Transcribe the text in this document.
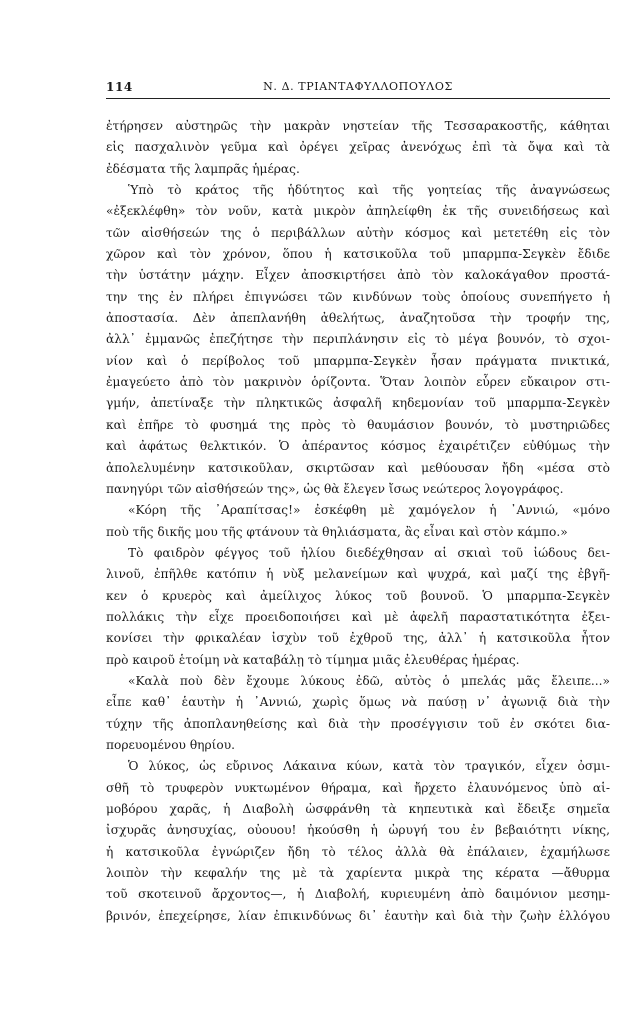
114	Ν. Δ. ΤΡΙΑΝΤΑΦΥΛΛΟΠΟΥΛΟΣ
ἐτήρησεν αὐστηρῶς τὴν μακρὰν νηστείαν τῆς Τεσσαρακοστῆς, κάθηται
εἰς πασχαλινὸν γεῦμα καὶ ὀρέγει χεῖρας ἀνενόχως ἐπὶ τὰ ὄψα καὶ τὰ
ἐδέσματα τῆς λαμπρᾶς ἡμέρας.
Ὑπὸ τὸ κράτος τῆς ἡδύτητος καὶ τῆς γοητείας τῆς ἀναγνώσεως
«ἐξεκλέφθη» τὸν νοῦν, κατὰ μικρὸν ἀπηλείφθη ἐκ τῆς συνειδήσεως καὶ
τῶν αἰσθήσεών της ὁ περιβάλλων αὐτὴν κόσμος καὶ μετετέθη εἰς τὸν
χῶρον καὶ τὸν χρόνον, ὅπου ἡ κατσικοῦλα τοῦ μπαρμπα-Σεγκὲν ἔδιδε
τὴν ὑστάτην μάχην. Εἶχεν ἀποσκιρτήσει ἀπὸ τὸν καλοκάγαθον προστά-
την της ἐν πλήρει ἐπιγνώσει τῶν κινδύνων τοὺς ὁποίους συνεπήγετο ἡ
ἀποστασία. Δὲν ἀπεπλανήθη ἀθελήτως, ἀναζητοῦσα τὴν τροφήν της,
ἀλλ᾽ ἐμμανῶς ἐπεζήτησε τὴν περιπλάνησιν εἰς τὸ μέγα βουνόν, τὸ σχοι-
νίον καὶ ὁ περίβολος τοῦ μπαρμπα-Σεγκὲν ἦσαν πράγματα πνικτικά,
ἐμαγεύετο ἀπὸ τὸν μακρινὸν ὁρίζοντα. Ὅταν λοιπὸν εὗρεν εὔκαιρον στι-
γμήν, ἀπετίναξε τὴν πληκτικῶς ἀσφαλῆ κηδεμονίαν τοῦ μπαρμπα-Σεγκὲν
καὶ ἐπῆρε τὸ φυσημά της πρὸς τὸ θαυμάσιον βουνόν, τὸ μυστηριῶδες
καὶ ἀφάτως θελκτικόν. Ὁ ἀπέραντος κόσμος ἐχαιρέτιζεν εὐθύμως τὴν
ἀπολελυμένην κατσικοῦλαν, σκιρτῶσαν καὶ μεθύουσαν ἤδη «μέσα στὸ
πανηγύρι τῶν αἰσθήσεών της», ὡς θὰ ἔλεγεν ἴσως νεώτερος λογογράφος.
«Κόρη τῆς ᾽Αραπίτσας!» ἐσκέφθη μὲ χαμόγελον ἡ ᾽Αννιώ, «μόνο
ποὺ τῆς δικῆς μου τῆς φτάνουν τὰ θηλιάσματα, ἂς εἶναι καὶ στὸν κάμπο.»
Τὸ φαιδρὸν φέγγος τοῦ ἡλίου διεδέχθησαν αἱ σκιαὶ τοῦ ἰώδους δει-
λινοῦ, ἐπῆλθε κατόπιν ἡ νὺξ μελανείμων καὶ ψυχρά, καὶ μαζί της ἐβγῆ-
κεν ὁ κρυερὸς καὶ ἀμείλιχος λύκος τοῦ βουνοῦ. Ὁ μπαρμπα-Σεγκὲν
πολλάκις τὴν εἶχε προειδοποιήσει καὶ μὲ ἀφελῆ παραστατικότητα ἐξει-
κονίσει τὴν φρικαλέαν ἰσχὺν τοῦ ἐχθροῦ της, ἀλλ᾽ ἡ κατσικοῦλα ἦτον
πρὸ καιροῦ ἑτοίμη νὰ καταβάλῃ τὸ τίμημα μιᾶς ἐλευθέρας ἡμέρας.
«Καλὰ ποὺ δὲν ἔχουμε λύκους ἐδῶ, αὐτὸς ὁ μπελάς μᾶς ἔλειπε...»
εἶπε καθ᾽ ἑαυτὴν ἡ ᾽Αννιώ, χωρὶς ὅμως νὰ παύσῃ ν᾽ ἀγωνιᾷ διὰ τὴν
τύχην τῆς ἀποπλανηθείσης καὶ διὰ τὴν προσέγγισιν τοῦ ἐν σκότει δια-
πορευομένου θηρίου.
Ὁ λύκος, ὡς εὔρινος Λάκαινα κύων, κατὰ τὸν τραγικόν, εἶχεν ὀσμι-
σθῆ τὸ τρυφερὸν νυκτωμένον θήραμα, καὶ ἤρχετο ἐλαυνόμενος ὑπὸ αἱ-
μοβόρου χαρᾶς, ἡ Διαβολὴ ὠσφράνθη τὰ κηπευτικὰ καὶ ἔδειξε σημεῖα
ἰσχυρᾶς ἀνησυχίας, οὐουου! ἠκούσθη ἡ ὠρυγή του ἐν βεβαιότητι νίκης,
ἡ κατσικοῦλα ἐγνώριζεν ἤδη τὸ τέλος ἀλλὰ θὰ ἐπάλαιεν, ἐχαμήλωσε
λοιπὸν τὴν κεφαλήν της μὲ τὰ χαρίεντα μικρὰ της κέρατα —ἄθυρμα
τοῦ σκοτεινοῦ ἄρχοντος—, ἡ Διαβολή, κυριευμένη ἀπὸ δαιμόνιον μεσημ-
βρινόν, ἐπεχείρησε, λίαν ἐπικινδύνως δι᾽ ἑαυτὴν καὶ διὰ τὴν ζωὴν ἑλλόγου
